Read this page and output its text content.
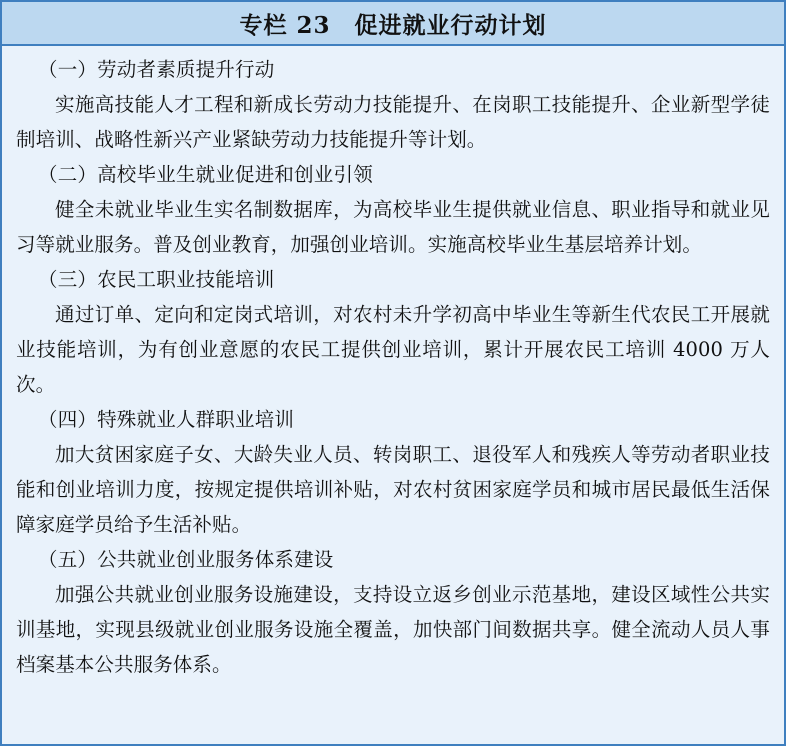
专栏 23　促进就业行动计划
（一）劳动者素质提升行动
实施高技能人才工程和新成长劳动力技能提升、在岗职工技能提升、企业新型学徒制培训、战略性新兴产业紧缺劳动力技能提升等计划。
（二）高校毕业生就业促进和创业引领
健全未就业毕业生实名制数据库，为高校毕业生提供就业信息、职业指导和就业见习等就业服务。普及创业教育，加强创业培训。实施高校毕业生基层培养计划。
（三）农民工职业技能培训
通过订单、定向和定岗式培训，对农村未升学初高中毕业生等新生代农民工开展就业技能培训，为有创业意愿的农民工提供创业培训，累计开展农民工培训 4000 万人次。
（四）特殊就业人群职业培训
加大贫困家庭子女、大龄失业人员、转岗职工、退役军人和残疾人等劳动者职业技能和创业培训力度，按规定提供培训补贴，对农村贫困家庭学员和城市居民最低生活保障家庭学员给予生活补贴。
（五）公共就业创业服务体系建设
加强公共就业创业服务设施建设，支持设立返乡创业示范基地，建设区域性公共实训基地，实现县级就业创业服务设施全覆盖，加快部门间数据共享。健全流动人员人事档案基本公共服务体系。
